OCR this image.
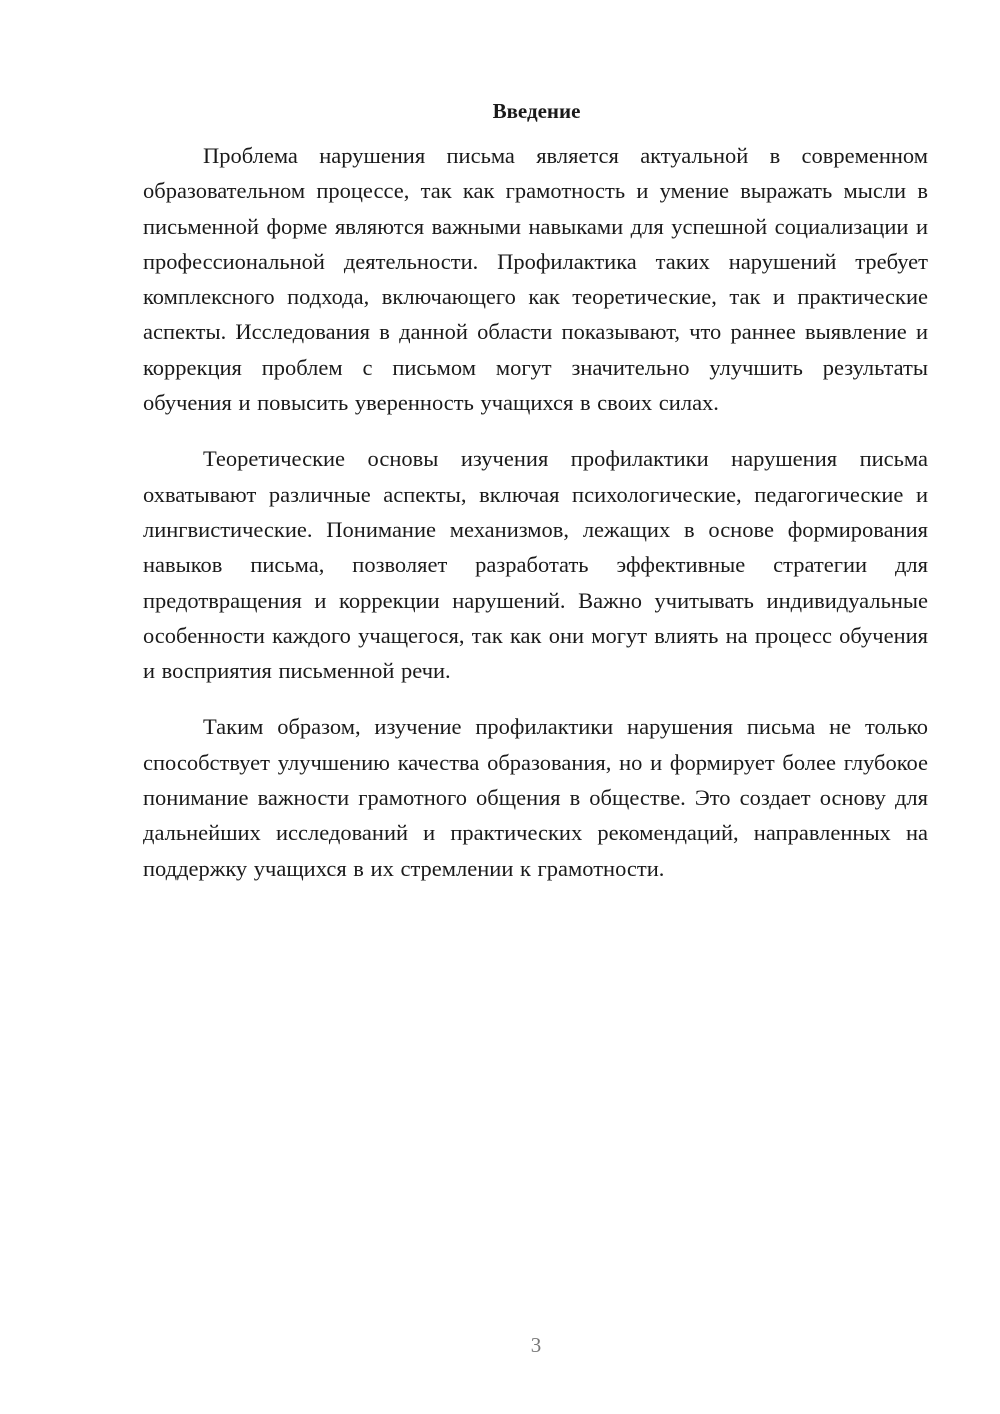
Введение

Проблема нарушения письма является актуальной в современном образовательном процессе, так как грамотность и умение выражать мысли в письменной форме являются важными навыками для успешной социализации и профессиональной деятельности. Профилактика таких нарушений требует комплексного подхода, включающего как теоретические, так и практические аспекты. Исследования в данной области показывают, что раннее выявление и коррекция проблем с письмом могут значительно улучшить результаты обучения и повысить уверенность учащихся в своих силах.

Теоретические основы изучения профилактики нарушения письма охватывают различные аспекты, включая психологические, педагогические и лингвистические. Понимание механизмов, лежащих в основе формирования навыков письма, позволяет разработать эффективные стратегии для предотвращения и коррекции нарушений. Важно учитывать индивидуальные особенности каждого учащегося, так как они могут влиять на процесс обучения и восприятия письменной речи.

Таким образом, изучение профилактики нарушения письма не только способствует улучшению качества образования, но и формирует более глубокое понимание важности грамотного общения в обществе. Это создает основу для дальнейших исследований и практических рекомендаций, направленных на поддержку учащихся в их стремлении к грамотности.

3
